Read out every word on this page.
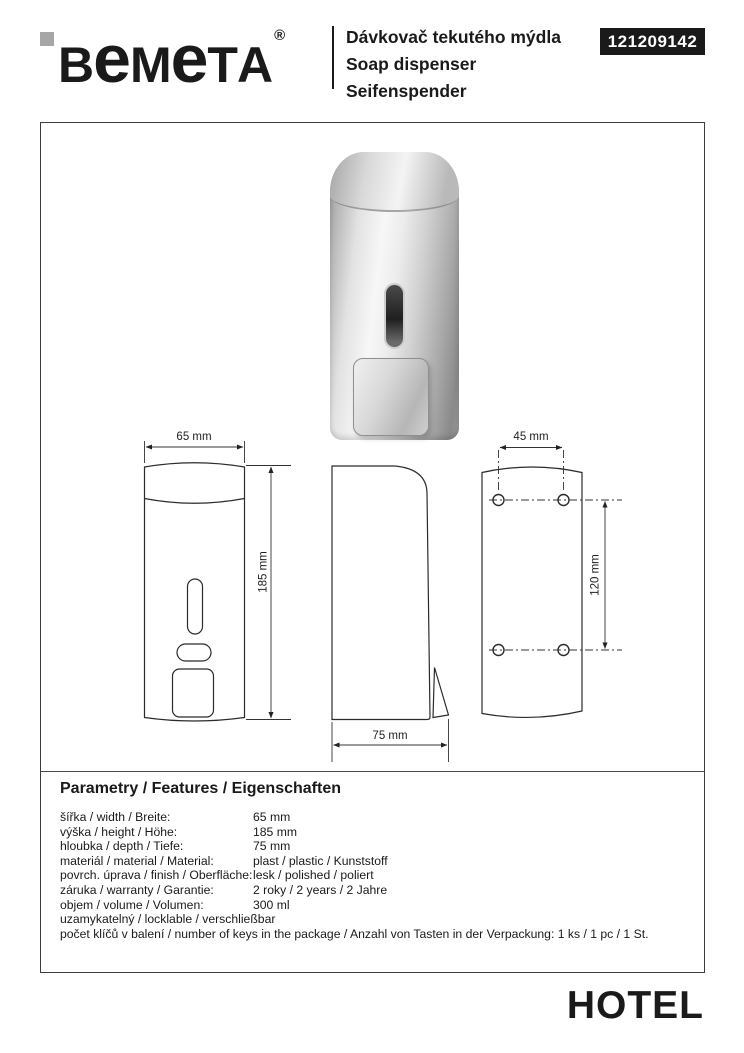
BeMeTA
®	Dávkovač tekutého mýdla
Soap dispenser
Seifenspender
121209142
65 mm
185 mm
75 mm
45 mm
120 mm
Parametry / Features / Eigenschaften
šířka / width / Breite:	65 mm
výška / height / Höhe:	185 mm
hloubka / depth / Tiefe:	75 mm
materiál / material / Material:	plast / plastic / Kunststoff
povrch. úprava / finish / Oberfläche: lesk / polished / poliert
záruka / warranty / Garantie:	2 roky / 2 years / 2 Jahre
objem / volume / Volumen:	300 ml
uzamykatelný / locklable / verschließbar
počet klíčů v balení / number of keys in the package / Anzahl von Tasten in der Verpackung: 1 ks / 1 pc / 1 St.
HOTEL
